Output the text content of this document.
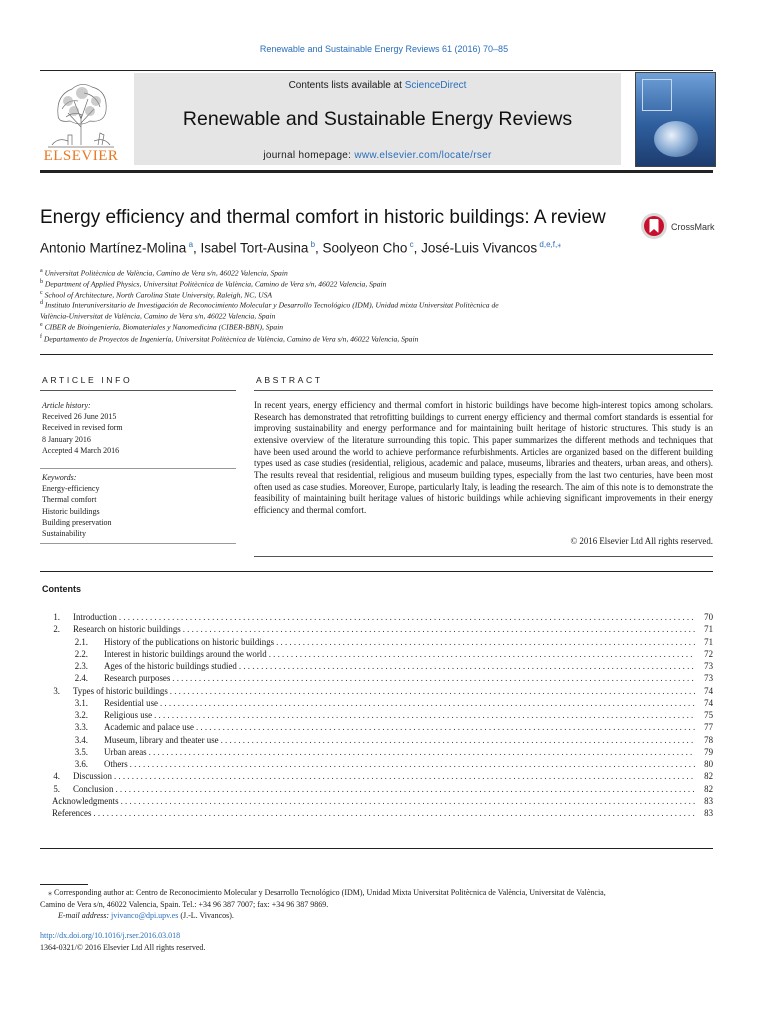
Renewable and Sustainable Energy Reviews 61 (2016) 70–85
ELSEVIER
Contents lists available at ScienceDirect
Renewable and Sustainable Energy Reviews
journal homepage: www.elsevier.com/locate/rser
Energy efficiency and thermal comfort in historic buildings: A review	CrossMark
Antonio Martínez-Molina $^a$, Isabel Tort-Ausina $^b$, Soolyeon Cho $^c$, José-Luis Vivancos $^{d,e,f,⁎}$
$^a$ Universitat Politècnica de València, Camino de Vera s/n, 46022 Valencia, Spain
$^b$ Department of Applied Physics, Universitat Politècnica de València, Camino de Vera s/n, 46022 Valencia, Spain
$^c$ School of Architecture, North Carolina State University, Raleigh, NC, USA
$^d$ Instituto Interuniversitario de Investigación de Reconocimiento Molecular y Desarrollo Tecnológico (IDM), Unidad mixta Universitat Politècnica de
València-Universitat de València, Camino de Vera s/n, 46022 Valencia, Spain
$^e$ CIBER de Bioingeniería, Biomateriales y Nanomedicina (CIBER-BBN), Spain
$^f$ Departamento de Proyectos de Ingeniería, Universitat Politècnica de València, Camino de Vera s/n, 46022 Valencia, Spain
ARTICLE INFO
Article history:
Received 26 June 2015
Received in revised form
8 January 2016
Accepted 4 March 2016
Keywords:
Energy-efficiency
Thermal comfort
Historic buildings
Building preservation
Sustainability
ABSTRACT
In recent years, energy efficiency and thermal comfort in historic buildings have become high-interest topics among scholars. Research has demonstrated that retrofitting buildings to current energy efficiency and thermal comfort standards is essential for improving sustainability and energy performance and for maintaining built heritage of historic structures. This study is an extensive overview of the literature surrounding this topic. This paper summarizes the different methods and techniques that have been used around the world to achieve performance refurbishments. Articles are organized based on the different building types used as case studies (residential, religious, academic and palace, museums, libraries and theaters, urban areas, and others). The results reveal that residential, religious and museum building types, especially from the last two centuries, have been most often used as case studies. Moreover, Europe, particularly Italy, is leading the research. The aim of this note is to demonstrate the feasibility of maintaining built heritage values of historic buildings while achieving significant improvements in their energy efficiency and thermal comfort.
© 2016 Elsevier Ltd All rights reserved.
Contents
1.	Introduction . . .	70
2.	Research on historic buildings . . .	71
2.1.	History of the publications on historic buildings . . .	71
2.2.	Interest in historic buildings around the world . . .	72
2.3.	Ages of the historic buildings studied . . .	73
2.4.	Research purposes . . .	73
3.	Types of historic buildings . . .	74
3.1.	Residential use . . .	74
3.2.	Religious use . . .	75
3.3.	Academic and palace use . . .	77
3.4.	Museum, library and theater use . . .	78
3.5.	Urban areas . . .	79
3.6.	Others . . .	80
4.	Discussion . . .	82
5.	Conclusion . . .	82
Acknowledgments . . .	83
References . . .	83
⁎ Corresponding author at: Centro de Reconocimiento Molecular y Desarrollo Tecnológico (IDM), Unidad Mixta Universitat Politècnica de València, Universitat de València,
Camino de Vera s/n, 46022 Valencia, Spain. Tel.: +34 96 387 7007; fax: +34 96 387 9869.
E-mail address: jvivanco@dpi.upv.es (J.-L. Vivancos).
http://dx.doi.org/10.1016/j.rser.2016.03.018
1364-0321/© 2016 Elsevier Ltd All rights reserved.
